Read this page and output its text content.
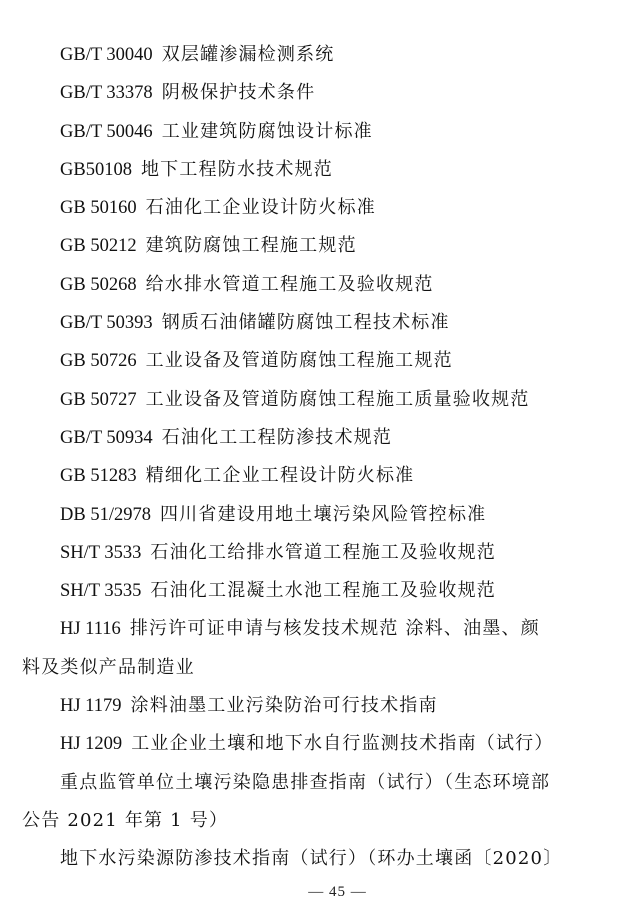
GB/T 30040 双层罐渗漏检测系统
GB/T 33378 阴极保护技术条件
GB/T 50046 工业建筑防腐蚀设计标准
GB50108 地下工程防水技术规范
GB 50160 石油化工企业设计防火标准
GB 50212 建筑防腐蚀工程施工规范
GB 50268 给水排水管道工程施工及验收规范
GB/T 50393 钢质石油储罐防腐蚀工程技术标准
GB 50726 工业设备及管道防腐蚀工程施工规范
GB 50727 工业设备及管道防腐蚀工程施工质量验收规范
GB/T 50934 石油化工工程防渗技术规范
GB 51283 精细化工企业工程设计防火标准
DB 51/2978 四川省建设用地土壤污染风险管控标准
SH/T 3533 石油化工给排水管道工程施工及验收规范
SH/T 3535 石油化工混凝土水池工程施工及验收规范
HJ 1116 排污许可证申请与核发技术规范 涂料、油墨、颜
料及类似产品制造业
HJ 1179 涂料油墨工业污染防治可行技术指南
HJ 1209 工业企业土壤和地下水自行监测技术指南（试行）
重点监管单位土壤污染隐患排查指南（试行）（生态环境部
公告 2021 年第 1 号）
地下水污染源防渗技术指南（试行）（环办土壤函〔2020〕
— 45 —
